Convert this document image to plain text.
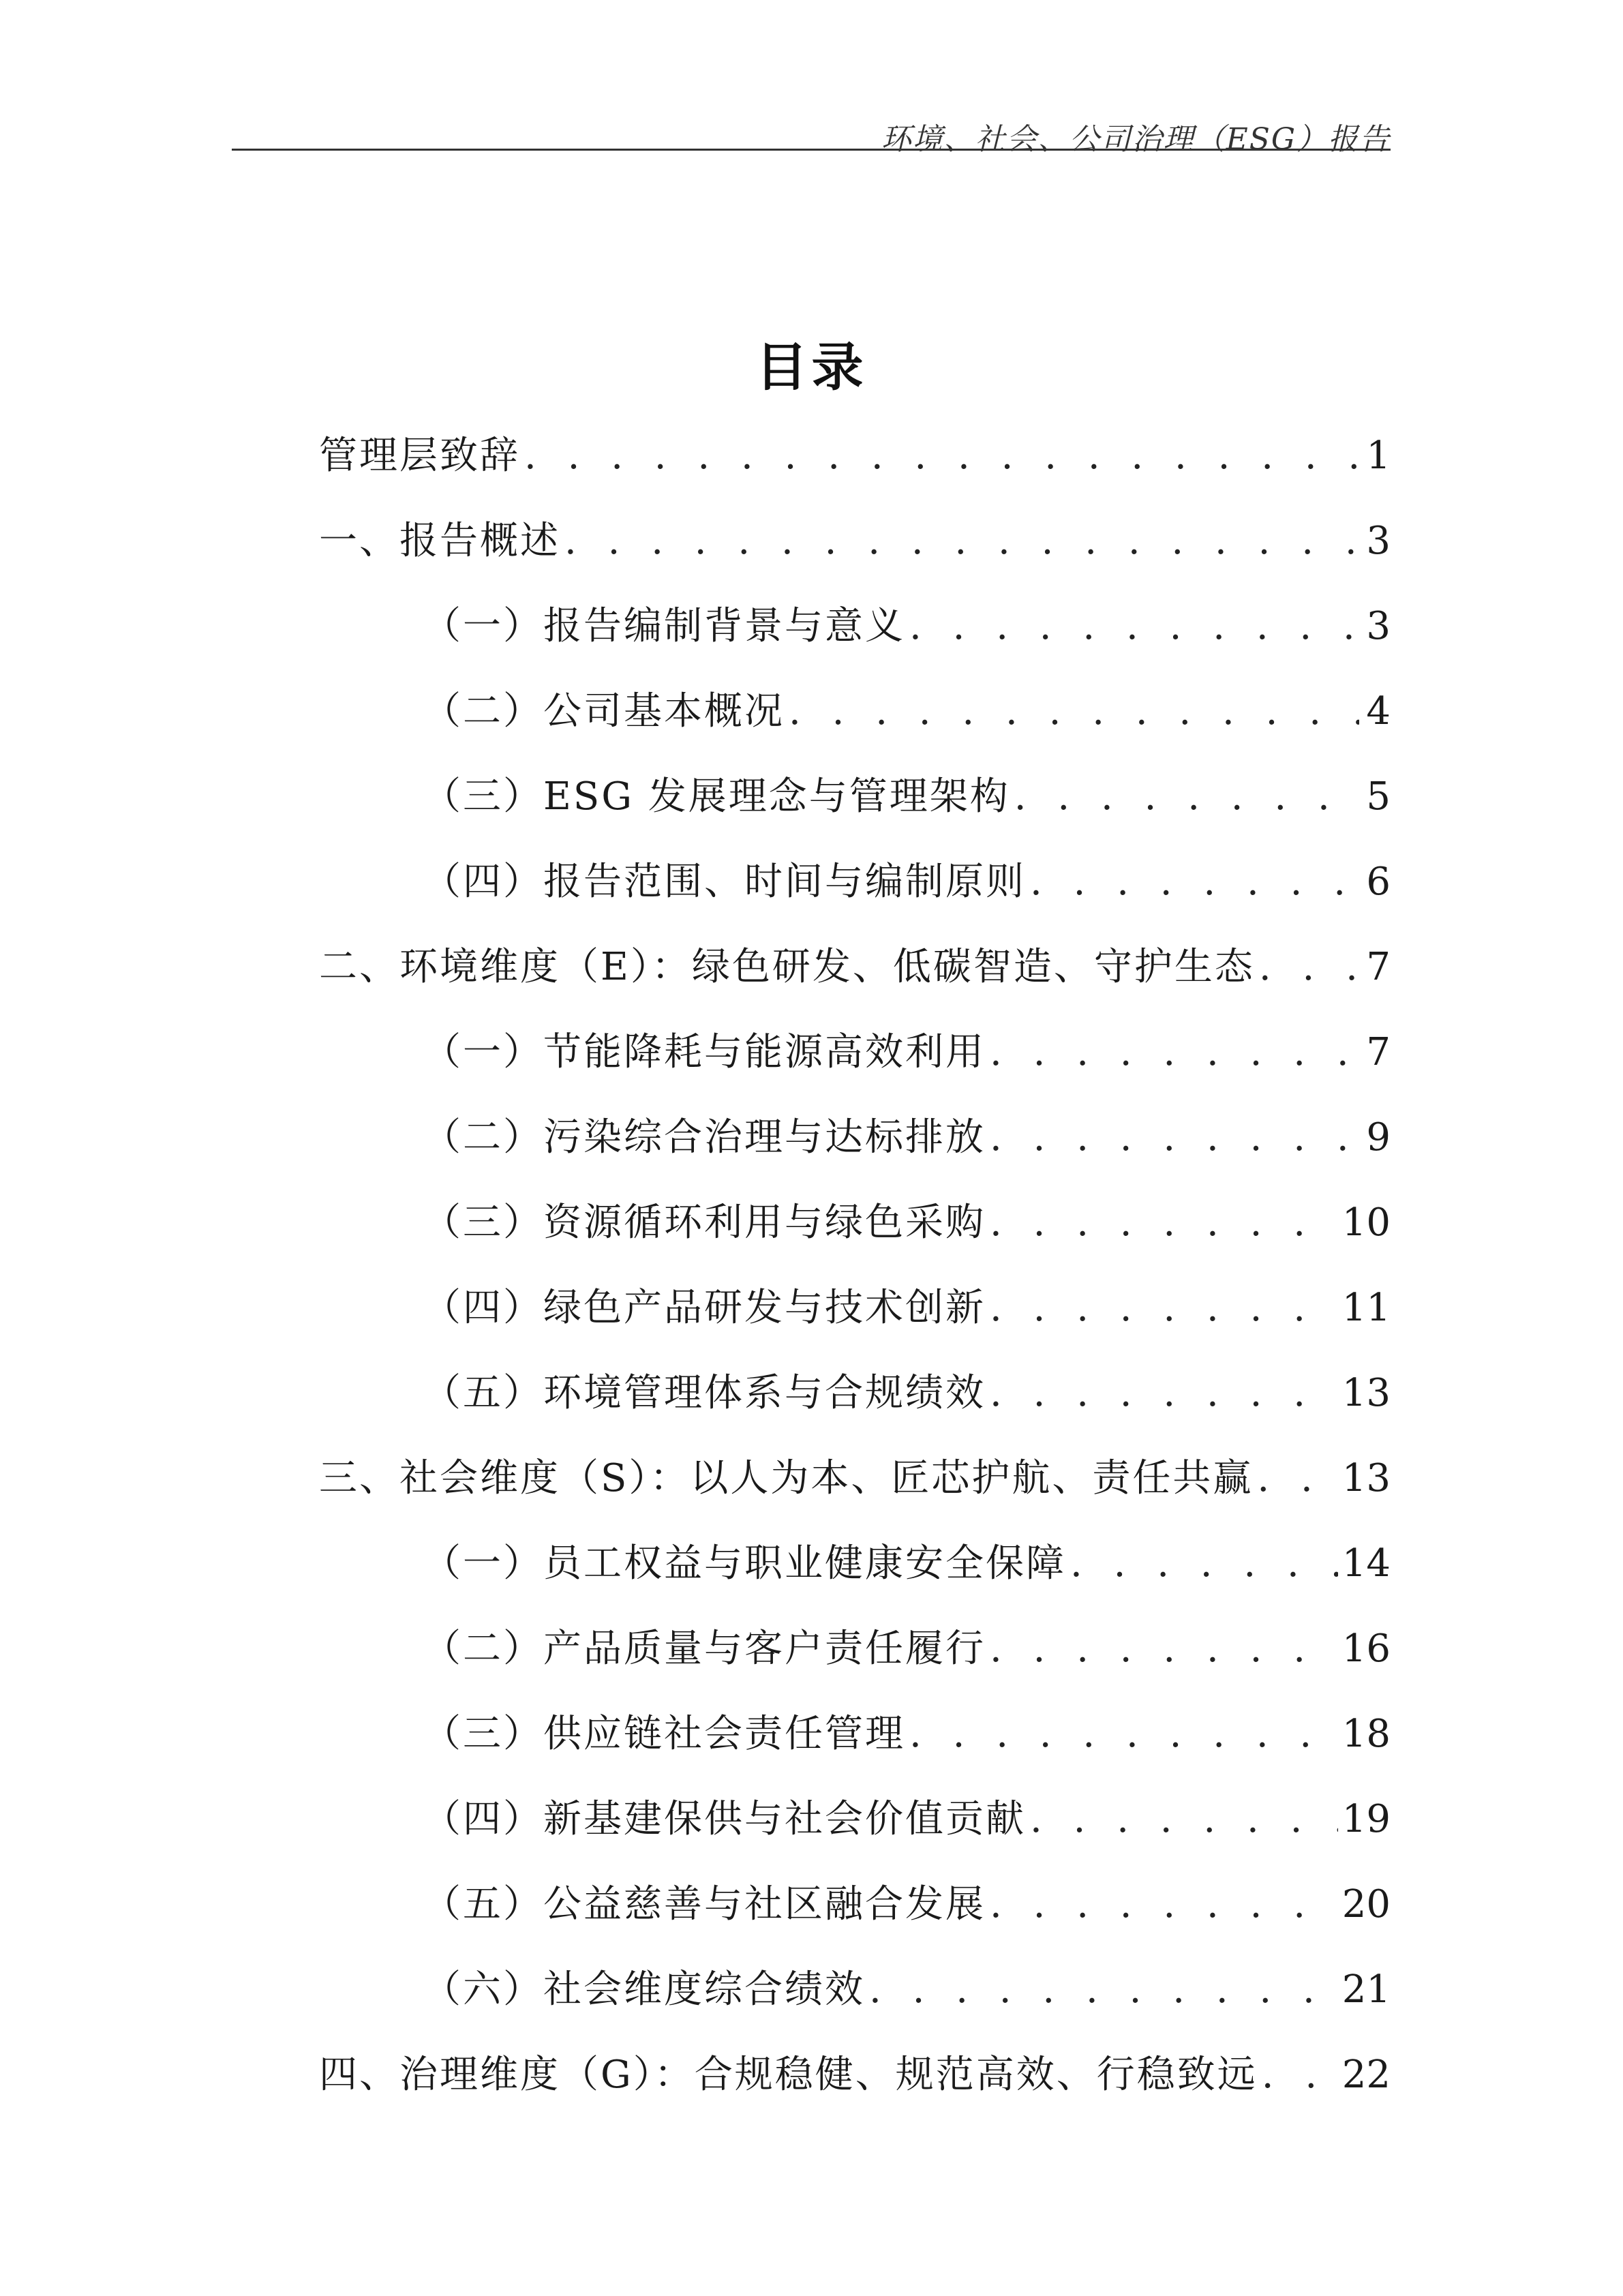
环境、社会、公司治理（ESG）报告
目录
管理层致辞 . . .	1
一、报告概述 . . .	3
（一）报告编制背景与意义 . . .	3
（二）公司基本概况 . . .	4
（三）ESG 发展理念与管理架构 . . .	5
（四）报告范围、时间与编制原则 . . .	6
二、环境维度（E）：绿色研发、低碳智造、守护生态 . . .	7
（一）节能降耗与能源高效利用 . . .	7
（二）污染综合治理与达标排放 . . .	9
（三）资源循环利用与绿色采购 . . .	10
（四）绿色产品研发与技术创新 . . .	11
（五）环境管理体系与合规绩效 . . .	13
三、社会维度（S）：以人为本、匠芯护航、责任共赢 . . . 13
（一）员工权益与职业健康安全保障 . . .	14
（二）产品质量与客户责任履行 . . .	16
（三）供应链社会责任管理 . . .	18
（四）新基建保供与社会价值贡献 . . .	19
（五）公益慈善与社区融合发展 . . .	20
（六）社会维度综合绩效 . . .	21
四、治理维度（G）：合规稳健、规范高效、行稳致远 . . . 22
